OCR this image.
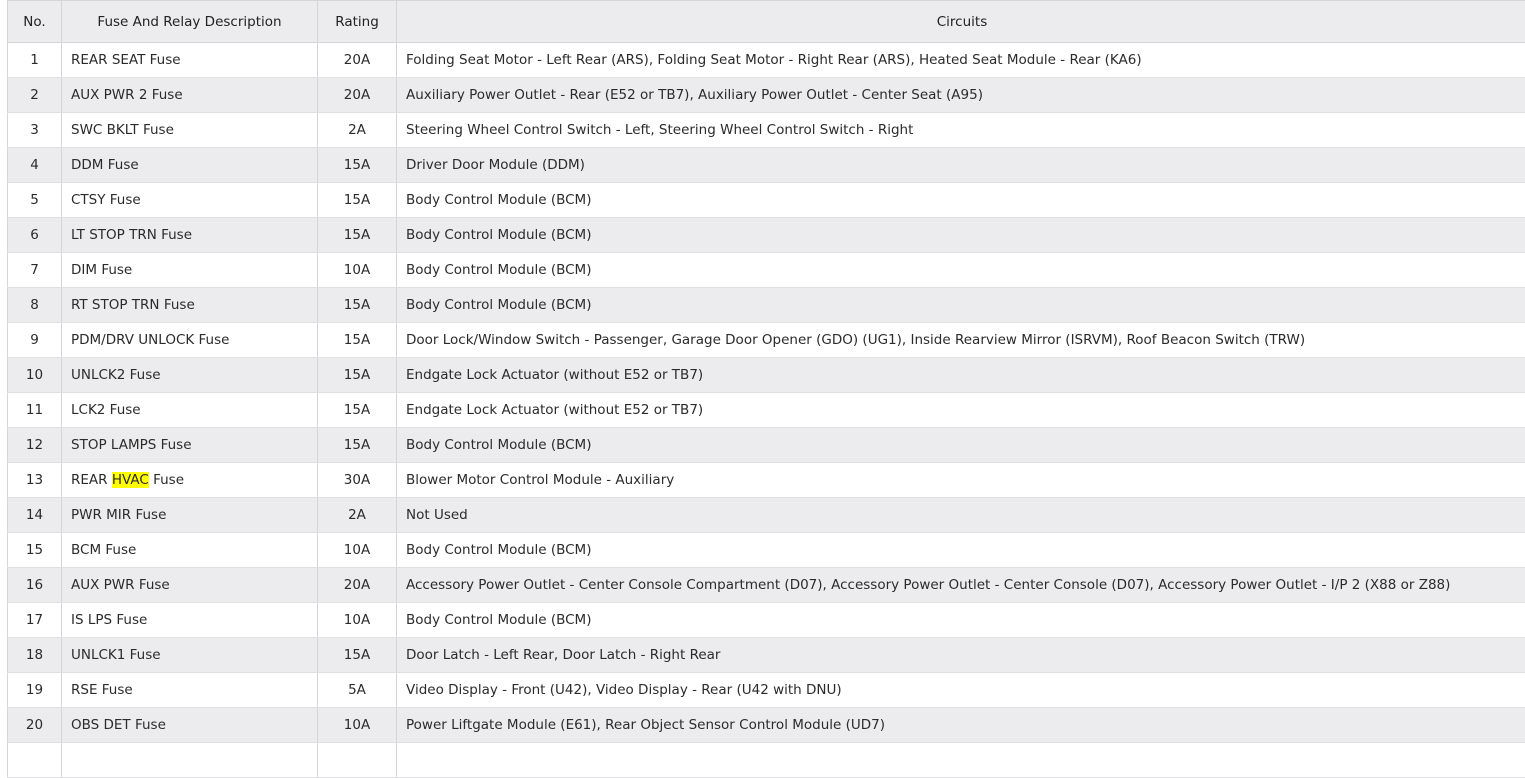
No.	Fuse And Relay Description	Rating	Circuits
1	REAR SEAT Fuse	20A	Folding Seat Motor - Left Rear (ARS), Folding Seat Motor - Right Rear (ARS), Heated Seat Module - Rear (KA6)
2	AUX PWR 2 Fuse	20A	Auxiliary Power Outlet - Rear (E52 or TB7), Auxiliary Power Outlet - Center Seat (A95)
3	SWC BKLT Fuse	2A	Steering Wheel Control Switch - Left, Steering Wheel Control Switch - Right
4	DDM Fuse	15A	Driver Door Module (DDM)
5	CTSY Fuse	15A	Body Control Module (BCM)
6	LT STOP TRN Fuse	15A	Body Control Module (BCM)
7	DIM Fuse	10A	Body Control Module (BCM)
8	RT STOP TRN Fuse	15A	Body Control Module (BCM)
9	PDM/DRV UNLOCK Fuse	15A	Door Lock/Window Switch - Passenger, Garage Door Opener (GDO) (UG1), Inside Rearview Mirror (ISRVM), Roof Beacon Switch (TRW)
10	UNLCK2 Fuse	15A	Endgate Lock Actuator (without E52 or TB7)
11	LCK2 Fuse	15A	Endgate Lock Actuator (without E52 or TB7)
12	STOP LAMPS Fuse	15A	Body Control Module (BCM)
13	REAR HVAC Fuse	30A	Blower Motor Control Module - Auxiliary
14	PWR MIR Fuse	2A	Not Used
15	BCM Fuse	10A	Body Control Module (BCM)
16	AUX PWR Fuse	20A	Accessory Power Outlet - Center Console Compartment (D07), Accessory Power Outlet - Center Console (D07), Accessory Power Outlet - I/P 2 (X88 or Z88)
17	IS LPS Fuse	10A	Body Control Module (BCM)
18	UNLCK1 Fuse	15A	Door Latch - Left Rear, Door Latch - Right Rear
19	RSE Fuse	5A	Video Display - Front (U42), Video Display - Rear (U42 with DNU)
20	OBS DET Fuse	10A	Power Liftgate Module (E61), Rear Object Sensor Control Module (UD7)
